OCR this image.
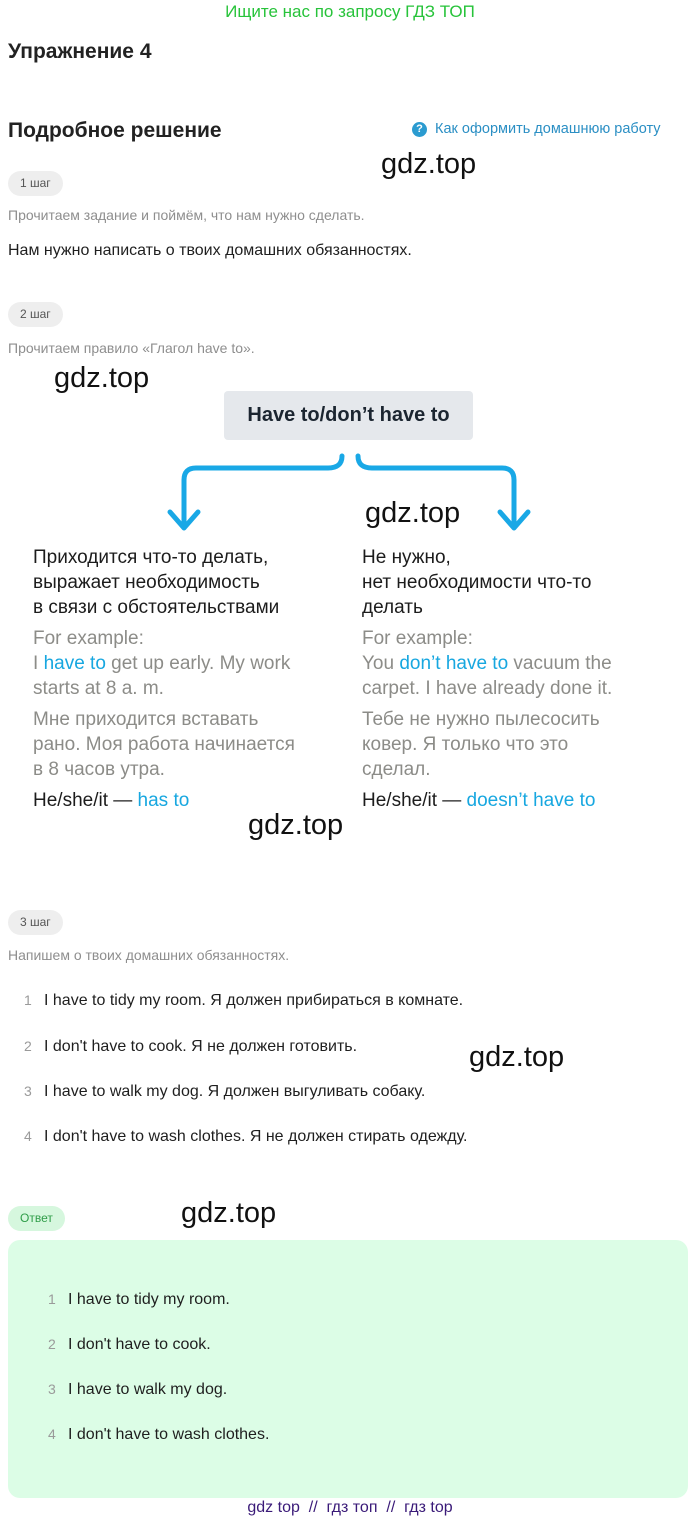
Ищите нас по запросу ГДЗ ТОП
Упражнение 4
Подробное решение	? Как оформить домашнюю работу
1 шаг
Прочитаем задание и поймём, что нам нужно сделать.
Нам нужно написать о твоих домашних обязанностях.
2 шаг
Прочитаем правило «Глагол have to».
Have to/don’t have to

Приходится что-то делать,
выражает необходимость
в связи с обстоятельствами

For example:
I have to get up early. My work
starts at 8 a. m.

Мне приходится вставать
рано. Моя работа начинается
в 8 часов утра.

He/she/it — has to

Не нужно,
нет необходимости что-то
делать

For example:
You don’t have to vacuum the
carpet. I have already done it.

Тебе не нужно пылесосить
ковер. Я только что это
сделал.

He/she/it — doesn’t have to

3 шаг
Напишем о твоих домашних обязанностях.
1 I have to tidy my room. Я должен прибираться в комнате.
2 I don't have to cook. Я не должен готовить.
3 I have to walk my dog. Я должен выгуливать собаку.
4 I don't have to wash clothes. Я не должен стирать одежду.
Ответ
1 I have to tidy my room.
2 I don't have to cook.
3 I have to walk my dog.
4 I don't have to wash clothes.
gdz.top
gdz.top
gdz.top
gdz.top
gdz.top
gdz.top
gdz top  //  гдз топ  //  гдз top
